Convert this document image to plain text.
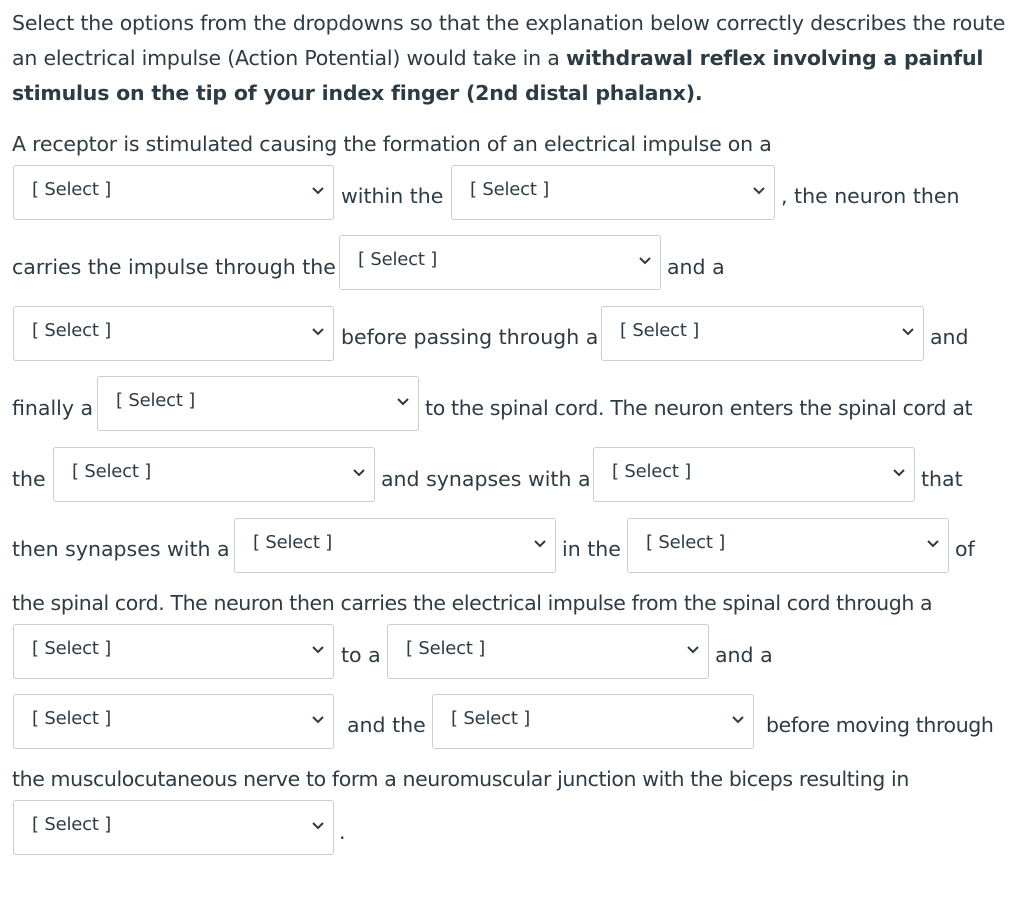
Select the options from the dropdowns so that the explanation below correctly describes the route an electrical impulse (Action Potential) would take in a withdrawal reflex involving a painful stimulus on the tip of your index finger (2nd distal phalanx).

A receptor is stimulated causing the formation of an electrical impulse on a
[ Select ]	within the [ Select ]	, the neuron then
carries the impulse through the [ Select ]	and a
[ Select ]	before passing through a [ Select ]	and
finally a [ Select ]	to the spinal cord. The neuron enters the spinal cord at
the [ Select ]	and synapses with a [ Select ]	that
then synapses with a [ Select ]	in the [ Select ]	of
the spinal cord. The neuron then carries the electrical impulse from the spinal cord through a
[ Select ]	to a [ Select ]	and a
[ Select ]	and the [ Select ]	before moving through
the musculocutaneous nerve to form a neuromuscular junction with the biceps resulting in
[ Select ]	.
